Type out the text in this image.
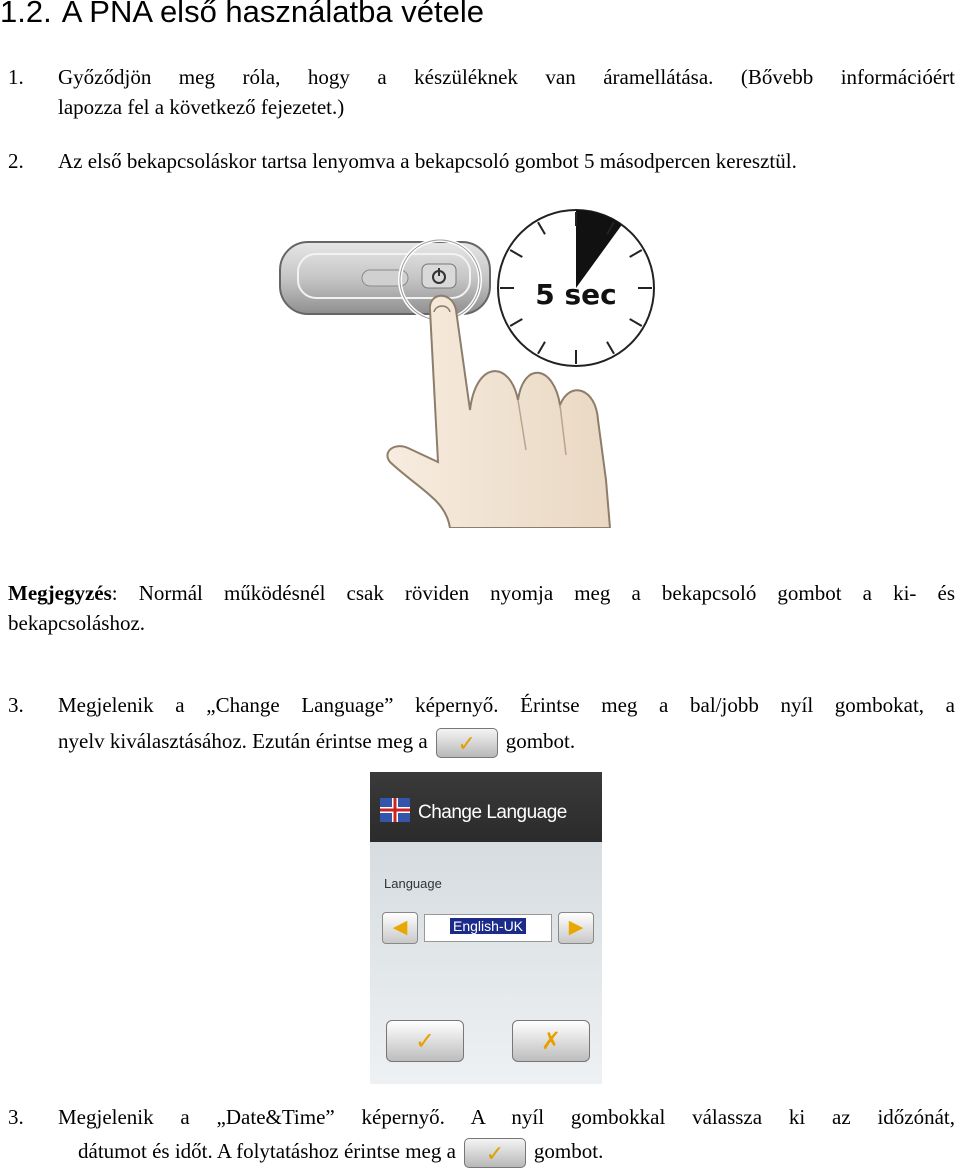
1.2. A PNA első használatba vétele
1. Győződjön meg róla, hogy a készüléknek van áramellátása. (Bővebb információért
lapozza fel a következő fejezetet.)
2. Az első bekapcsoláskor tartsa lenyomva a bekapcsoló gombot 5 másodpercen keresztül.
5 sec
Megjegyzés: Normál működésnél csak röviden nyomja meg a bekapcsoló gombot a ki- és
bekapcsoláshoz.
3. Megjelenik a „Change Language” képernyő. Érintse meg a bal/jobb nyíl gombokat, a
nyelv kiválasztásához. Ezután érintse meg a	✓	gombot.
Change Language
Language
◀	English-UK	▶
✓	✗
3. Megjelenik a „Date&Time” képernyő. A nyíl gombokkal válassza ki az időzónát,
dátumot és időt. A folytatáshoz érintse meg a	✓	gombot.
